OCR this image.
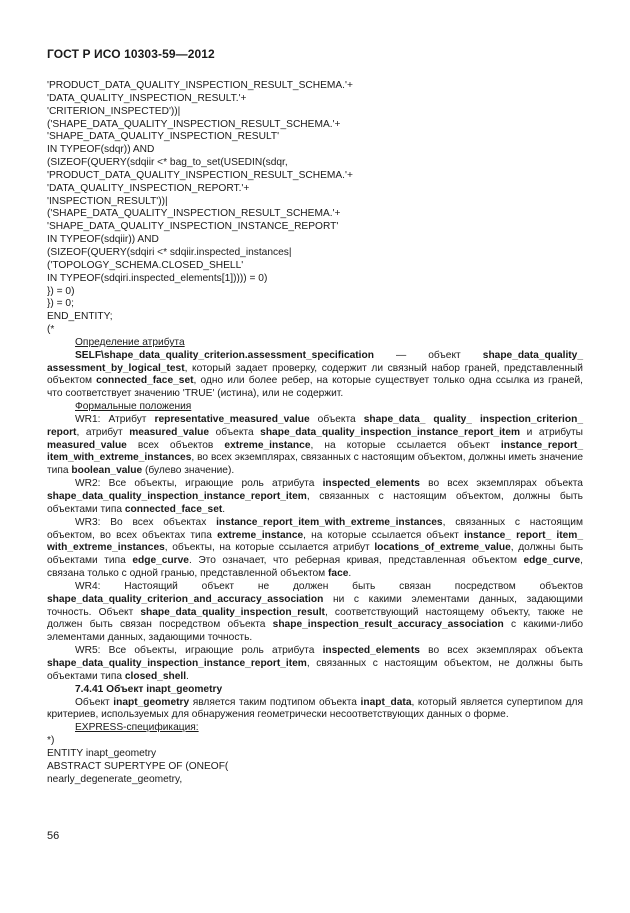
ГОСТ Р ИСО 10303-59—2012
'PRODUCT_DATA_QUALITY_INSPECTION_RESULT_SCHEMA.'+
'DATA_QUALITY_INSPECTION_RESULT.'+
'CRITERION_INSPECTED'))|
('SHAPE_DATA_QUALITY_INSPECTION_RESULT_SCHEMA.'+
'SHAPE_DATA_QUALITY_INSPECTION_RESULT'
IN TYPEOF(sdqr)) AND
(SIZEOF(QUERY(sdqiir <* bag_to_set(USEDIN(sdqr,
'PRODUCT_DATA_QUALITY_INSPECTION_RESULT_SCHEMA.'+
'DATA_QUALITY_INSPECTION_REPORT.'+
'INSPECTION_RESULT'))|
('SHAPE_DATA_QUALITY_INSPECTION_RESULT_SCHEMA.'+
'SHAPE_DATA_QUALITY_INSPECTION_INSTANCE_REPORT'
IN TYPEOF(sdqiir)) AND
(SIZEOF(QUERY(sdqiri <* sdqiir.inspected_instances|
('TOPOLOGY_SCHEMA.CLOSED_SHELL'
IN TYPEOF(sdqiri.inspected_elements[1])))) = 0)
}) = 0)
}) = 0;
END_ENTITY;
(*
Определение атрибута
SELF\shape_data_quality_criterion.assessment_specification — объект shape_data_quality_ assessment_by_logical_test, который задает проверку, содержит ли связный набор граней, представленный объектом connected_face_set, одно или более ребер, на которые существует только одна ссылка из граней, что соответствует значению 'TRUE' (истина), или не содержит.
Формальные положения
WR1: Атрибут representative_measured_value объекта shape_data_ quality_ inspection_criterion_ report, атрибут measured_value объекта shape_data_quality_inspection_instance_report_item и атрибуты measured_value всех объектов extreme_instance, на которые ссылается объект instance_report_ item_with_extreme_instances, во всех экземплярах, связанных с настоящим объектом, должны иметь значение типа boolean_value (булево значение).
WR2: Все объекты, играющие роль атрибута inspected_elements во всех экземплярах объекта shape_data_quality_inspection_instance_report_item, связанных с настоящим объектом, должны быть объектами типа connected_face_set.
WR3: Во всех объектах instance_report_item_with_extreme_instances, связанных с настоящим объектом, во всех объектах типа extreme_instance, на которые ссылается объект instance_ report_ item_ with_extreme_instances, объекты, на которые ссылается атрибут locations_of_extreme_value, должны быть объектами типа edge_curve. Это означает, что реберная кривая, представленная объектом edge_curve, связана только с одной гранью, представленной объектом face.
WR4: Настоящий объект не должен быть связан посредством объектов shape_data_quality_criterion_and_accuracy_association ни с какими элементами данных, задающими точность. Объект shape_data_quality_inspection_result, соответствующий настоящему объекту, также не должен быть связан посредством объекта shape_inspection_result_accuracy_association с какими-либо элементами данных, задающими точность.
WR5: Все объекты, играющие роль атрибута inspected_elements во всех экземплярах объекта shape_data_quality_inspection_instance_report_item, связанных с настоящим объектом, не должны быть объектами типа closed_shell.
7.4.41 Объект inapt_geometry
Объект inapt_geometry является таким подтипом объекта inapt_data, который является супертипом для критериев, используемых для обнаружения геометрически несоответствующих данных о форме.
EXPRESS-спецификация:
*)
ENTITY inapt_geometry
ABSTRACT SUPERTYPE OF (ONEOF(
nearly_degenerate_geometry,
56
